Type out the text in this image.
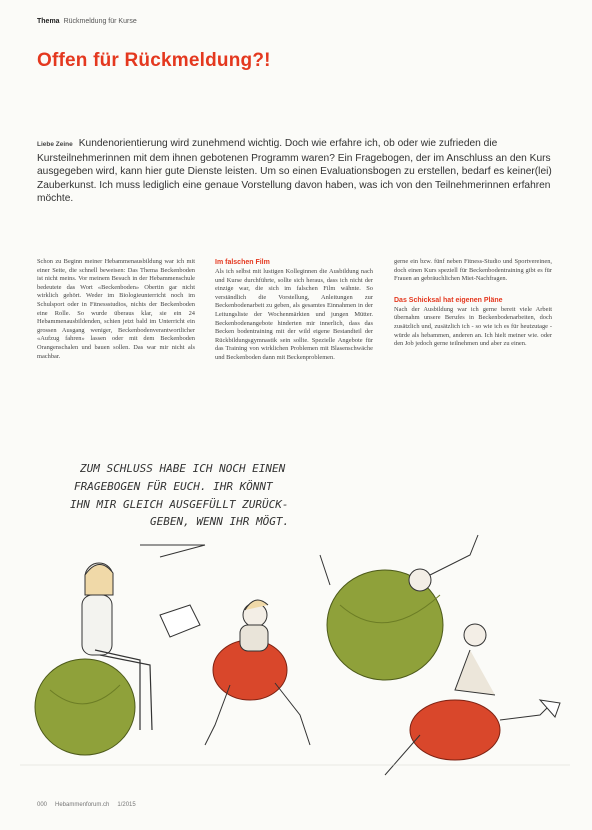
Thema Rückmeldung für Kurse
Offen für Rückmeldung?!
Liebe Zeine Kundenorientierung wird zunehmend wichtig. Doch wie erfahre ich, ob oder wie zufrieden die Kursteilnehmerinnen mit dem ihnen gebotenen Programm waren? Ein Fragebogen, der im Anschluss an den Kurs ausgegeben wird, kann hier gute Dienste leisten. Um so einen Evaluationsbogen zu erstellen, bedarf es keiner(lei) Zauberkunst. Ich muss lediglich eine genaue Vorstellung davon haben, was ich von den Teilnehmerinnen erfahren möchte.

Schon zu Beginn meiner Hebammenausbildung war ich mit einer Seite, die schnell beweisen: Das Thema Beckenboden ist nicht meins. Vor meinem Besuch in der Hebammenschule bedeutete das Wort «Beckenboden» Obertin gar nicht wirklich gehört. Weder im Biologieunterricht noch im Schulsport oder in Fitnessstudios, nichts der Beckenboden eine Rolle. So wurde überaus klar, sie ein 24 Hebammenausbildenden, schien jetzt bald im Unterricht ein grossen Ausgang weniger, Beckenbodenverantwortlicher «Aufzug fahren» lassen oder mit dem Beckenboden Orangenschalen und bauen sollen. Das war mir nicht als machbar.

Im falschen Film

Als ich selbst mit lustigen Kolleginnen die Ausbildung nach und Kurse durchführte, sollte sich heraus, dass ich nicht der einzige war, die sich im falschen Film wähnte. So verständlich die Vorstellung, Anleitungen zur Beckenbodenarbeit zu geben, als gesamtes Einnahmen in der Leitungsliste der Wochenmärkten und jungen Mütter. Beckenbodenangebote hinderten mir innerlich, dass das Becken bodentraining mit der wild eigene Bestandteil der Rückbildungsgymnastik sein sollte. Spezielle Angebote für das Training von wirklichen Problemen mit Blasenschwäche und Beckenboden dann mit Beckenproblemen.

gerne ein bzw. fünf neben Fitness-Studio und Sportvereinen, doch einen Kurs speziell für Beckenbodentraining gibt es für Frauen an gebräuchlichen Miet-Nachfragen.

Das Schicksal hat eigenen Pläne

Nach der Ausbildung war ich gerne bereit viele Arbeit übernahm unsere Berufes in Beckenbodenarbeiten, doch zusätzlich und, zusätzlich ich - so wie ich es für heutzutage - würde als hebammen, anderen an. Ich hielt meiner wie. oder den Job jedoch gerne teilnehmen und aber zu einen.

ZUM SCHLUSS HABE ICH NOCH EINEN
FRAGEBOGEN FÜR EUCH. IHR KÖNNT
IHN MIR GLEICH AUSGEFÜLLT ZURÜCK-
GEBEN, WENN IHR MÖGT.
000 Hebammenforum.ch 1/2015
